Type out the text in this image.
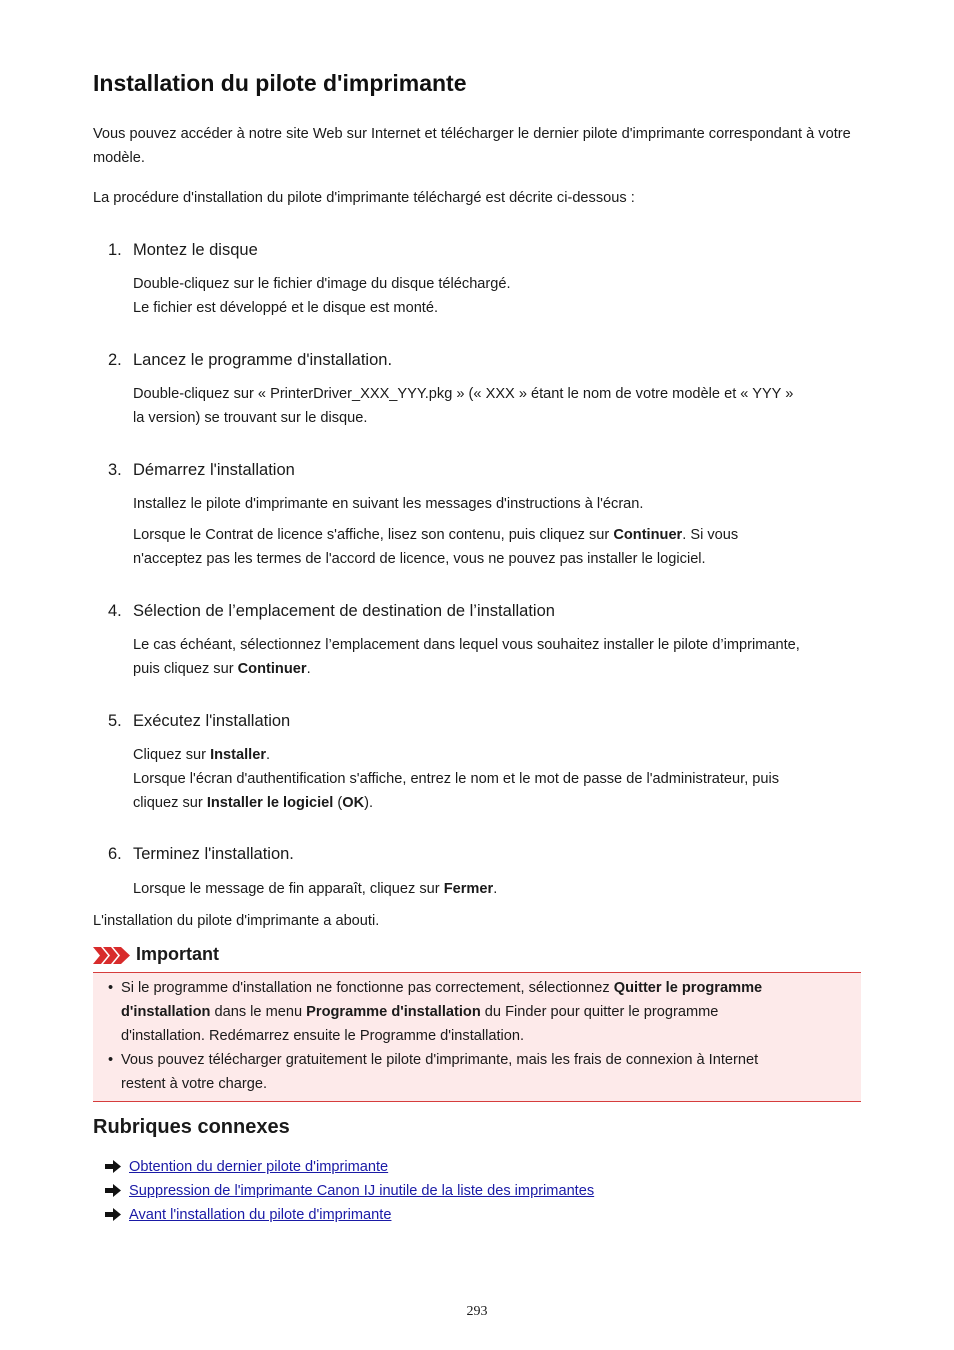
Installation du pilote d'imprimante

Vous pouvez accéder à notre site Web sur Internet et télécharger le dernier pilote d'imprimante correspondant à votre modèle.

La procédure d'installation du pilote d'imprimante téléchargé est décrite ci-dessous :

1. Montez le disque

Double-cliquez sur le fichier d'image du disque téléchargé.

Le fichier est développé et le disque est monté.

2. Lancez le programme d'installation.

Double-cliquez sur « PrinterDriver_XXX_YYY.pkg » (« XXX » étant le nom de votre modèle et « YYY »

la version) se trouvant sur le disque.

3. Démarrez l'installation

Installez le pilote d'imprimante en suivant les messages d'instructions à l'écran.

Lorsque le Contrat de licence s'affiche, lisez son contenu, puis cliquez sur Continuer. Si vous

n'acceptez pas les termes de l'accord de licence, vous ne pouvez pas installer le logiciel.

4. Sélection de l’emplacement de destination de l’installation

Le cas échéant, sélectionnez l’emplacement dans lequel vous souhaitez installer le pilote d’imprimante,

puis cliquez sur Continuer.

5. Exécutez l'installation

Cliquez sur Installer.

Lorsque l'écran d'authentification s'affiche, entrez le nom et le mot de passe de l'administrateur, puis

cliquez sur Installer le logiciel (OK).

6. Terminez l'installation.

Lorsque le message de fin apparaît, cliquez sur Fermer.

L'installation du pilote d'imprimante a abouti.

Important
• Si le programme d'installation ne fonctionne pas correctement, sélectionnez Quitter le programme
d'installation dans le menu Programme d'installation du Finder pour quitter le programme
d'installation. Redémarrez ensuite le Programme d'installation.
• Vous pouvez télécharger gratuitement le pilote d'imprimante, mais les frais de connexion à Internet
restent à votre charge.
Rubriques connexes
Obtention du dernier pilote d'imprimante
Suppression de l'imprimante Canon IJ inutile de la liste des imprimantes
Avant l'installation du pilote d'imprimante
293
